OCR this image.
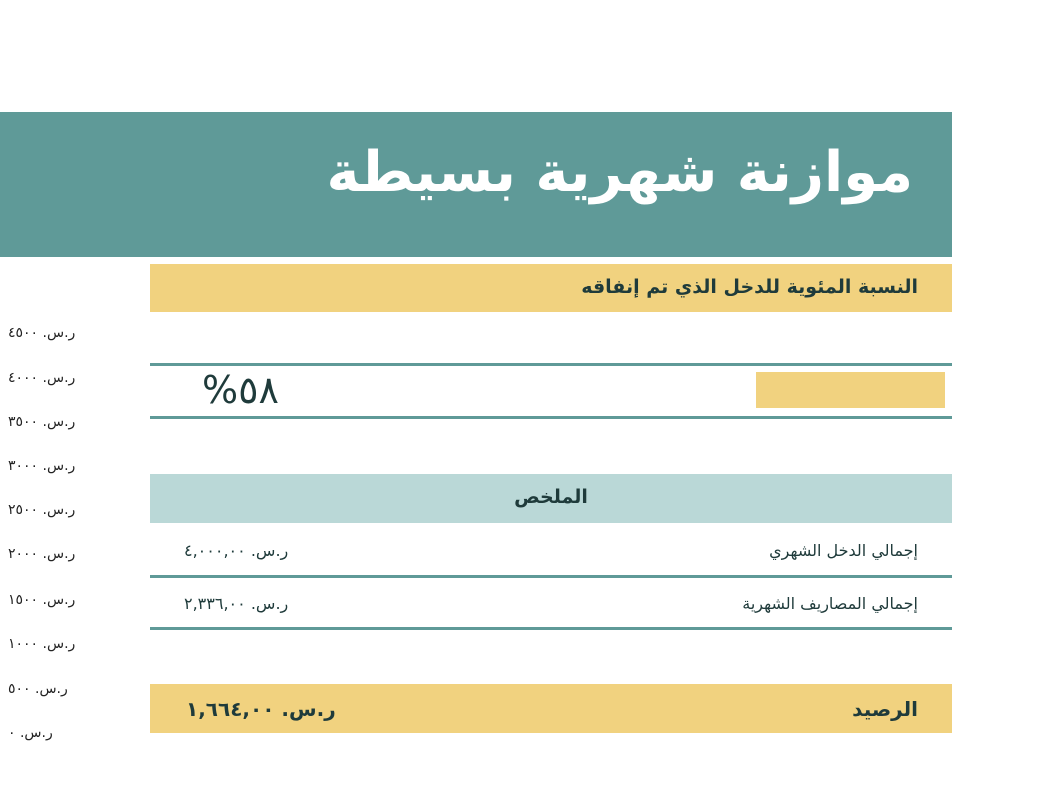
موازنة شهرية بسيطة
النسبة المئوية للدخل الذي تم إنفاقه
%٥٨
الملخص
إجمالي الدخل الشهري
ر.س. ٤,٠٠٠,٠٠
إجمالي المصاريف الشهرية
ر.س. ٢,٣٣٦,٠٠
الرصيد
ر.س. ١,٦٦٤,٠٠
ر.س. ٤٥٠٠
ر.س. ٤٠٠٠
ر.س. ٣٥٠٠
ر.س. ٣٠٠٠
ر.س. ٢٥٠٠
ر.س. ٢٠٠٠
ر.س. ١٥٠٠
ر.س. ١٠٠٠
ر.س. ٥٠٠
ر.س. ٠
